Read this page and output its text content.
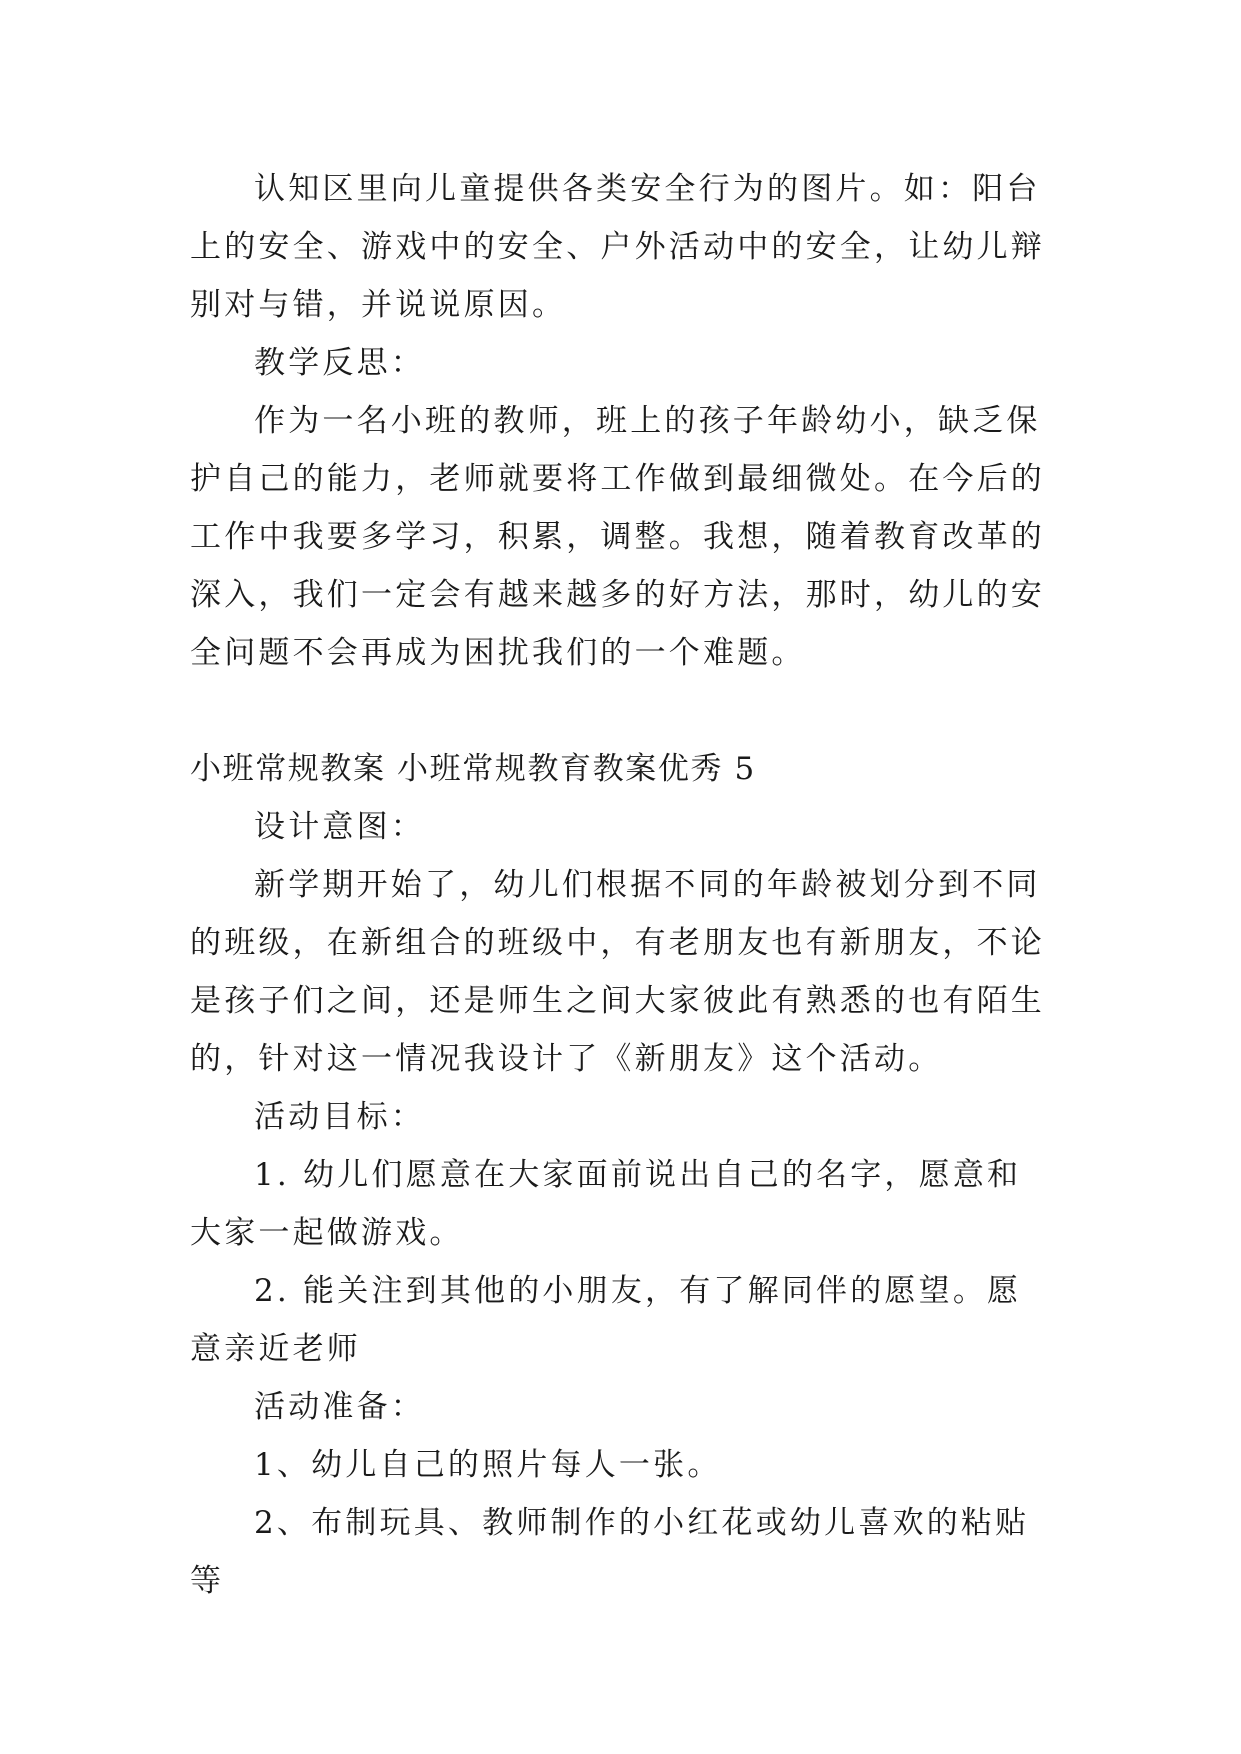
认知区里向儿童提供各类安全行为的图片。如：阳台上的安全、游戏中的安全、户外活动中的安全，让幼儿辩别对与错，并说说原因。

教学反思：

作为一名小班的教师，班上的孩子年龄幼小，缺乏保护自己的能力，老师就要将工作做到最细微处。在今后的工作中我要多学习，积累，调整。我想，随着教育改革的深入，我们一定会有越来越多的好方法，那时，幼儿的安全问题不会再成为困扰我们的一个难题。

小班常规教案 小班常规教育教案优秀 5

设计意图：

新学期开始了，幼儿们根据不同的年龄被划分到不同的班级，在新组合的班级中，有老朋友也有新朋友，不论是孩子们之间，还是师生之间大家彼此有熟悉的也有陌生的，针对这一情况我设计了《新朋友》这个活动。

活动目标：

1. 幼儿们愿意在大家面前说出自己的名字，愿意和大家一起做游戏。

2. 能关注到其他的小朋友，有了解同伴的愿望。愿意亲近老师

活动准备：

1、幼儿自己的照片每人一张。

2、布制玩具、教师制作的小红花或幼儿喜欢的粘贴等
